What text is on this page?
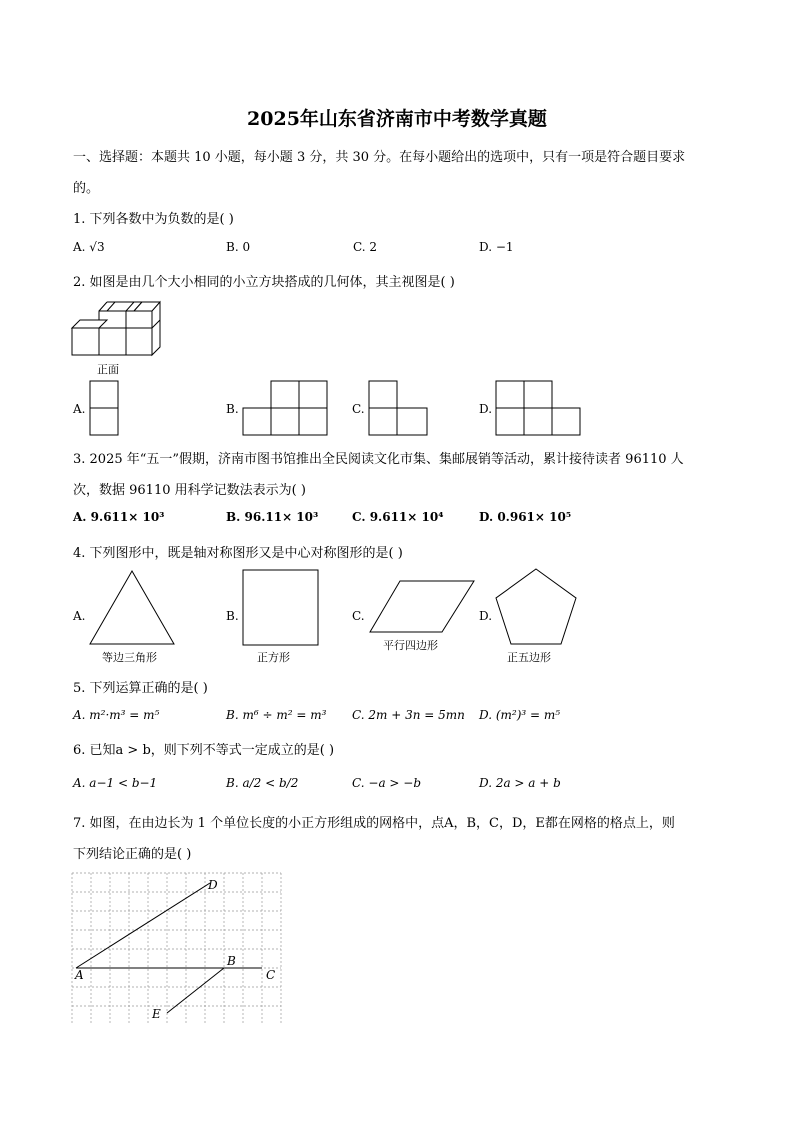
2025年山东省济南市中考数学真题
一、选择题：本题共 10 小题，每小题 3 分，共 30 分。在每小题给出的选项中，只有一项是符合题目要求
的。
1. 下列各数中为负数的是( )
A. √3	B. 0	C. 2	D. −1
2. 如图是由几个大小相同的小立方块搭成的几何体，其主视图是( )
正面
A.	B.	C.	D.
3. 2025 年“五一”假期，济南市图书馆推出全民阅读文化市集、集邮展销等活动，累计接待读者 96110 人
次，数据 96110 用科学记数法表示为( )
A. 9.611× 10³	B. 96.11× 10³	C. 9.611× 10⁴	D. 0.961× 10⁵
4. 下列图形中，既是轴对称图形又是中心对称图形的是( )
A.
等边三角形
B.
正方形
C.
平行四边形
D.
正五边形
5. 下列运算正确的是( )
A. m²·m³ = m⁵	B. m⁶ ÷ m² = m³ C. 2m + 3n = 5mn D. (m²)³ = m⁵
6. 已知a > b，则下列不等式一定成立的是( )
A. a−1 < b−1	B. a/2 < b/2	C. −a > −b	D. 2a > a + b
7. 如图，在由边长为 1 个单位长度的小正方形组成的网格中，点A，B，C，D，E都在网格的格点上，则
下列结论正确的是( )
A
B
C
D
E
